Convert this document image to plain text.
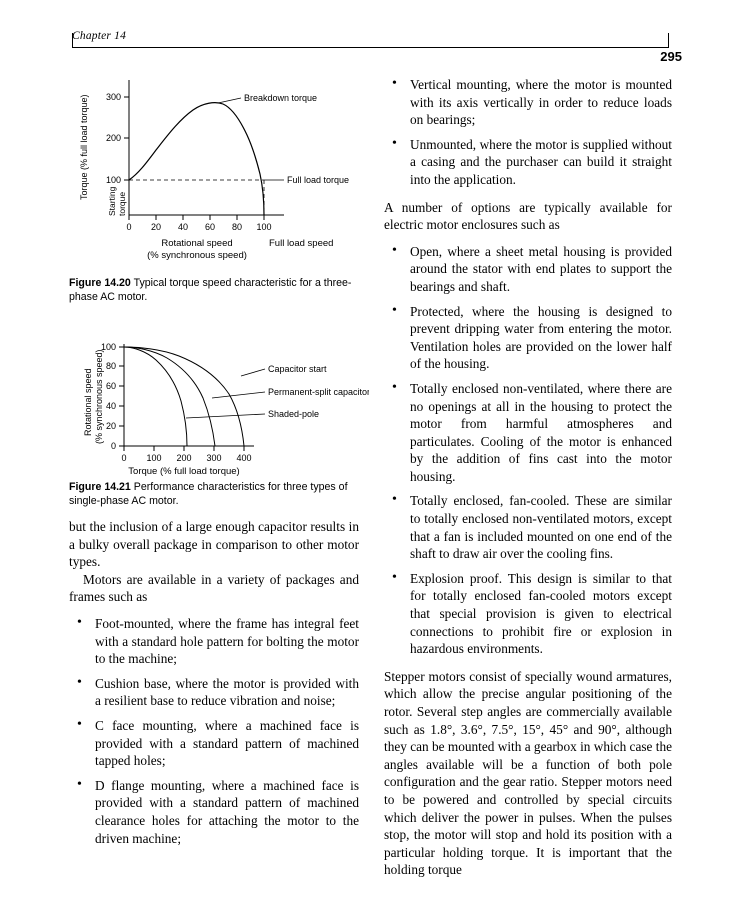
Chapter 14
295
100
200
300
0 20 40 60 80 100
Breakdown torque
Full load torque
Torque (% full load torque)
Starting torque
Rotational speed
(% synchronous speed)
Full load speed
Figure 14.20 Typical torque speed characteristic for a three-phase AC motor.
0
20
40
60
80
100
0 100 200 300 400
Capacitor start
Permanent-split capacitor
Shaded-pole
Rotational speed (% synchronous speed)
Torque (% full load torque)
Figure 14.21 Performance characteristics for three types of single-phase AC motor.

but the inclusion of a large enough capacitor results in a bulky overall package in comparison to other motor types.

Motors are available in a variety of packages and frames such as

• Foot-mounted, where the frame has integral feet with a standard hole pattern for bolting the motor to the machine;
• Cushion base, where the motor is provided with a resilient base to reduce vibration and noise;
• C face mounting, where a machined face is provided with a standard pattern of machined tapped holes;
• D flange mounting, where a machined face is provided with a standard pattern of machined clearance holes for attaching the motor to the driven machine;
• Vertical mounting, where the motor is mounted with its axis vertically in order to reduce loads on bearings;
• Unmounted, where the motor is supplied without a casing and the purchaser can build it straight into the application.

A number of options are typically available for electric motor enclosures such as

• Open, where a sheet metal housing is provided around the stator with end plates to support the bearings and shaft.
• Protected, where the housing is designed to prevent dripping water from entering the motor. Ventilation holes are provided on the lower half of the housing.
• Totally enclosed non-ventilated, where there are no openings at all in the housing to protect the motor from harmful atmospheres and particulates. Cooling of the motor is enhanced by the addition of fins cast into the motor housing.
• Totally enclosed, fan-cooled. These are similar to totally enclosed non-ventilated motors, except that a fan is included mounted on one end of the shaft to draw air over the cooling fins.
• Explosion proof. This design is similar to that for totally enclosed fan-cooled motors except that special provision is given to electrical connections to prohibit fire or explosion in hazardous environments.

Stepper motors consist of specially wound armatures, which allow the precise angular positioning of the rotor. Several step angles are commercially available such as 1.8°, 3.6°, 7.5°, 15°, 45° and 90°, although they can be mounted with a gearbox in which case the angles available will be a function of both pole configuration and the gear ratio. Stepper motors need to be powered and controlled by special circuits which deliver the power in pulses. When the pulses stop, the motor will stop and hold its position with a particular holding torque. It is important that the holding torque
